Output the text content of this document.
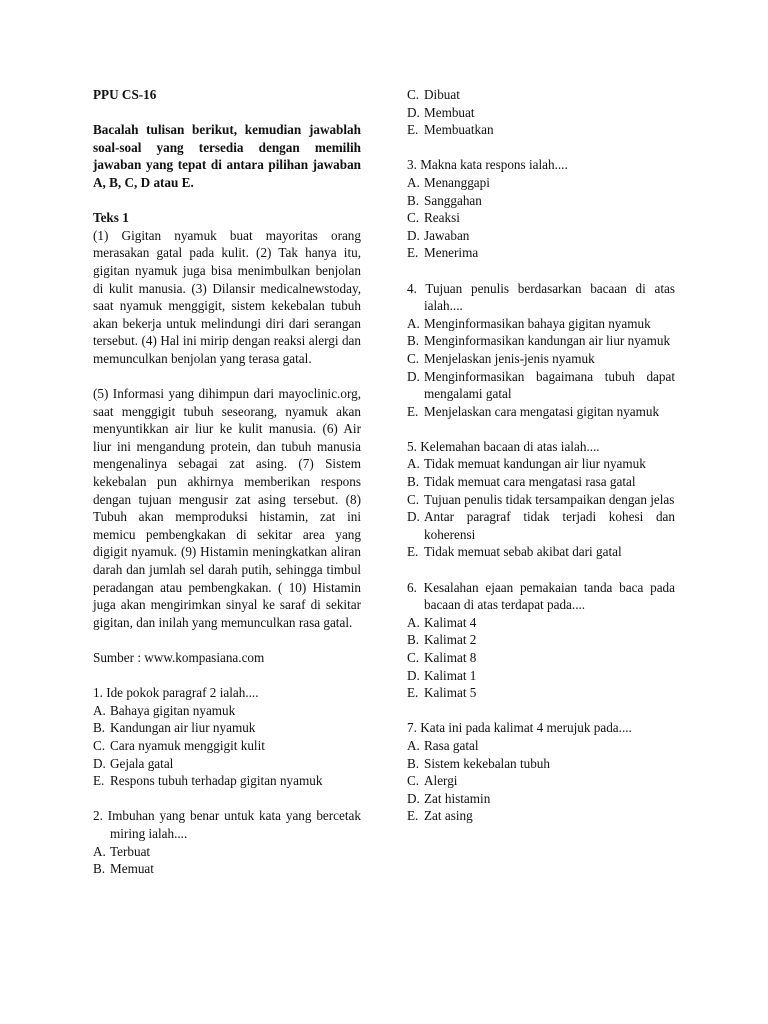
PPU CS-16

Bacalah tulisan berikut, kemudian jawablah soal-soal yang tersedia dengan memilih jawaban yang tepat di antara pilihan jawaban A, B, C, D atau E.

Teks 1

(1) Gigitan nyamuk buat mayoritas orang merasakan gatal pada kulit. (2) Tak hanya itu, gigitan nyamuk juga bisa menimbulkan benjolan di kulit manusia. (3) Dilansir medicalnewstoday, saat nyamuk menggigit, sistem kekebalan tubuh akan bekerja untuk melindungi diri dari serangan tersebut. (4) Hal ini mirip dengan reaksi alergi dan memunculkan benjolan yang terasa gatal.

(5) Informasi yang dihimpun dari mayoclinic.org, saat menggigit tubuh seseorang, nyamuk akan menyuntikkan air liur ke kulit manusia. (6) Air liur ini mengandung protein, dan tubuh manusia mengenalinya sebagai zat asing. (7) Sistem kekebalan pun akhirnya memberikan respons dengan tujuan mengusir zat asing tersebut. (8) Tubuh akan memproduksi histamin, zat ini memicu pembengkakan di sekitar area yang digigit nyamuk. (9) Histamin meningkatkan aliran darah dan jumlah sel darah putih, sehingga timbul peradangan atau pembengkakan. ( 10) Histamin juga akan mengirimkan sinyal ke saraf di sekitar gigitan, dan inilah yang memunculkan rasa gatal.

Sumber : www.kompasiana.com

1. Ide pokok paragraf 2 ialah....
A. Bahaya gigitan nyamuk
B. Kandungan air liur nyamuk
C. Cara nyamuk menggigit kulit
D. Gejala gatal
E. Respons tubuh terhadap gigitan nyamuk
2. Imbuhan yang benar untuk kata yang bercetak miring ialah....
A. Terbuat
B. Memuat
C. Dibuat
D. Membuat
E. Membuatkan
3. Makna kata respons ialah....
A. Menanggapi
B. Sanggahan
C. Reaksi
D. Jawaban
E. Menerima
4. Tujuan penulis berdasarkan bacaan di atas ialah....
A. Menginformasikan bahaya gigitan nyamuk
B. Menginformasikan kandungan air liur nyamuk
C. Menjelaskan jenis-jenis nyamuk
D. Menginformasikan bagaimana tubuh dapat mengalami gatal
E. Menjelaskan cara mengatasi gigitan nyamuk
5. Kelemahan bacaan di atas ialah....
A. Tidak memuat kandungan air liur nyamuk
B. Tidak memuat cara mengatasi rasa gatal
C. Tujuan penulis tidak tersampaikan dengan jelas
D. Antar paragraf tidak terjadi kohesi dan koherensi
E. Tidak memuat sebab akibat dari gatal
6. Kesalahan ejaan pemakaian tanda baca pada bacaan di atas terdapat pada....
A. Kalimat 4
B. Kalimat 2
C. Kalimat 8
D. Kalimat 1
E. Kalimat 5
7. Kata ini pada kalimat 4 merujuk pada....
A. Rasa gatal
B. Sistem kekebalan tubuh
C. Alergi
D. Zat histamin
E. Zat asing
